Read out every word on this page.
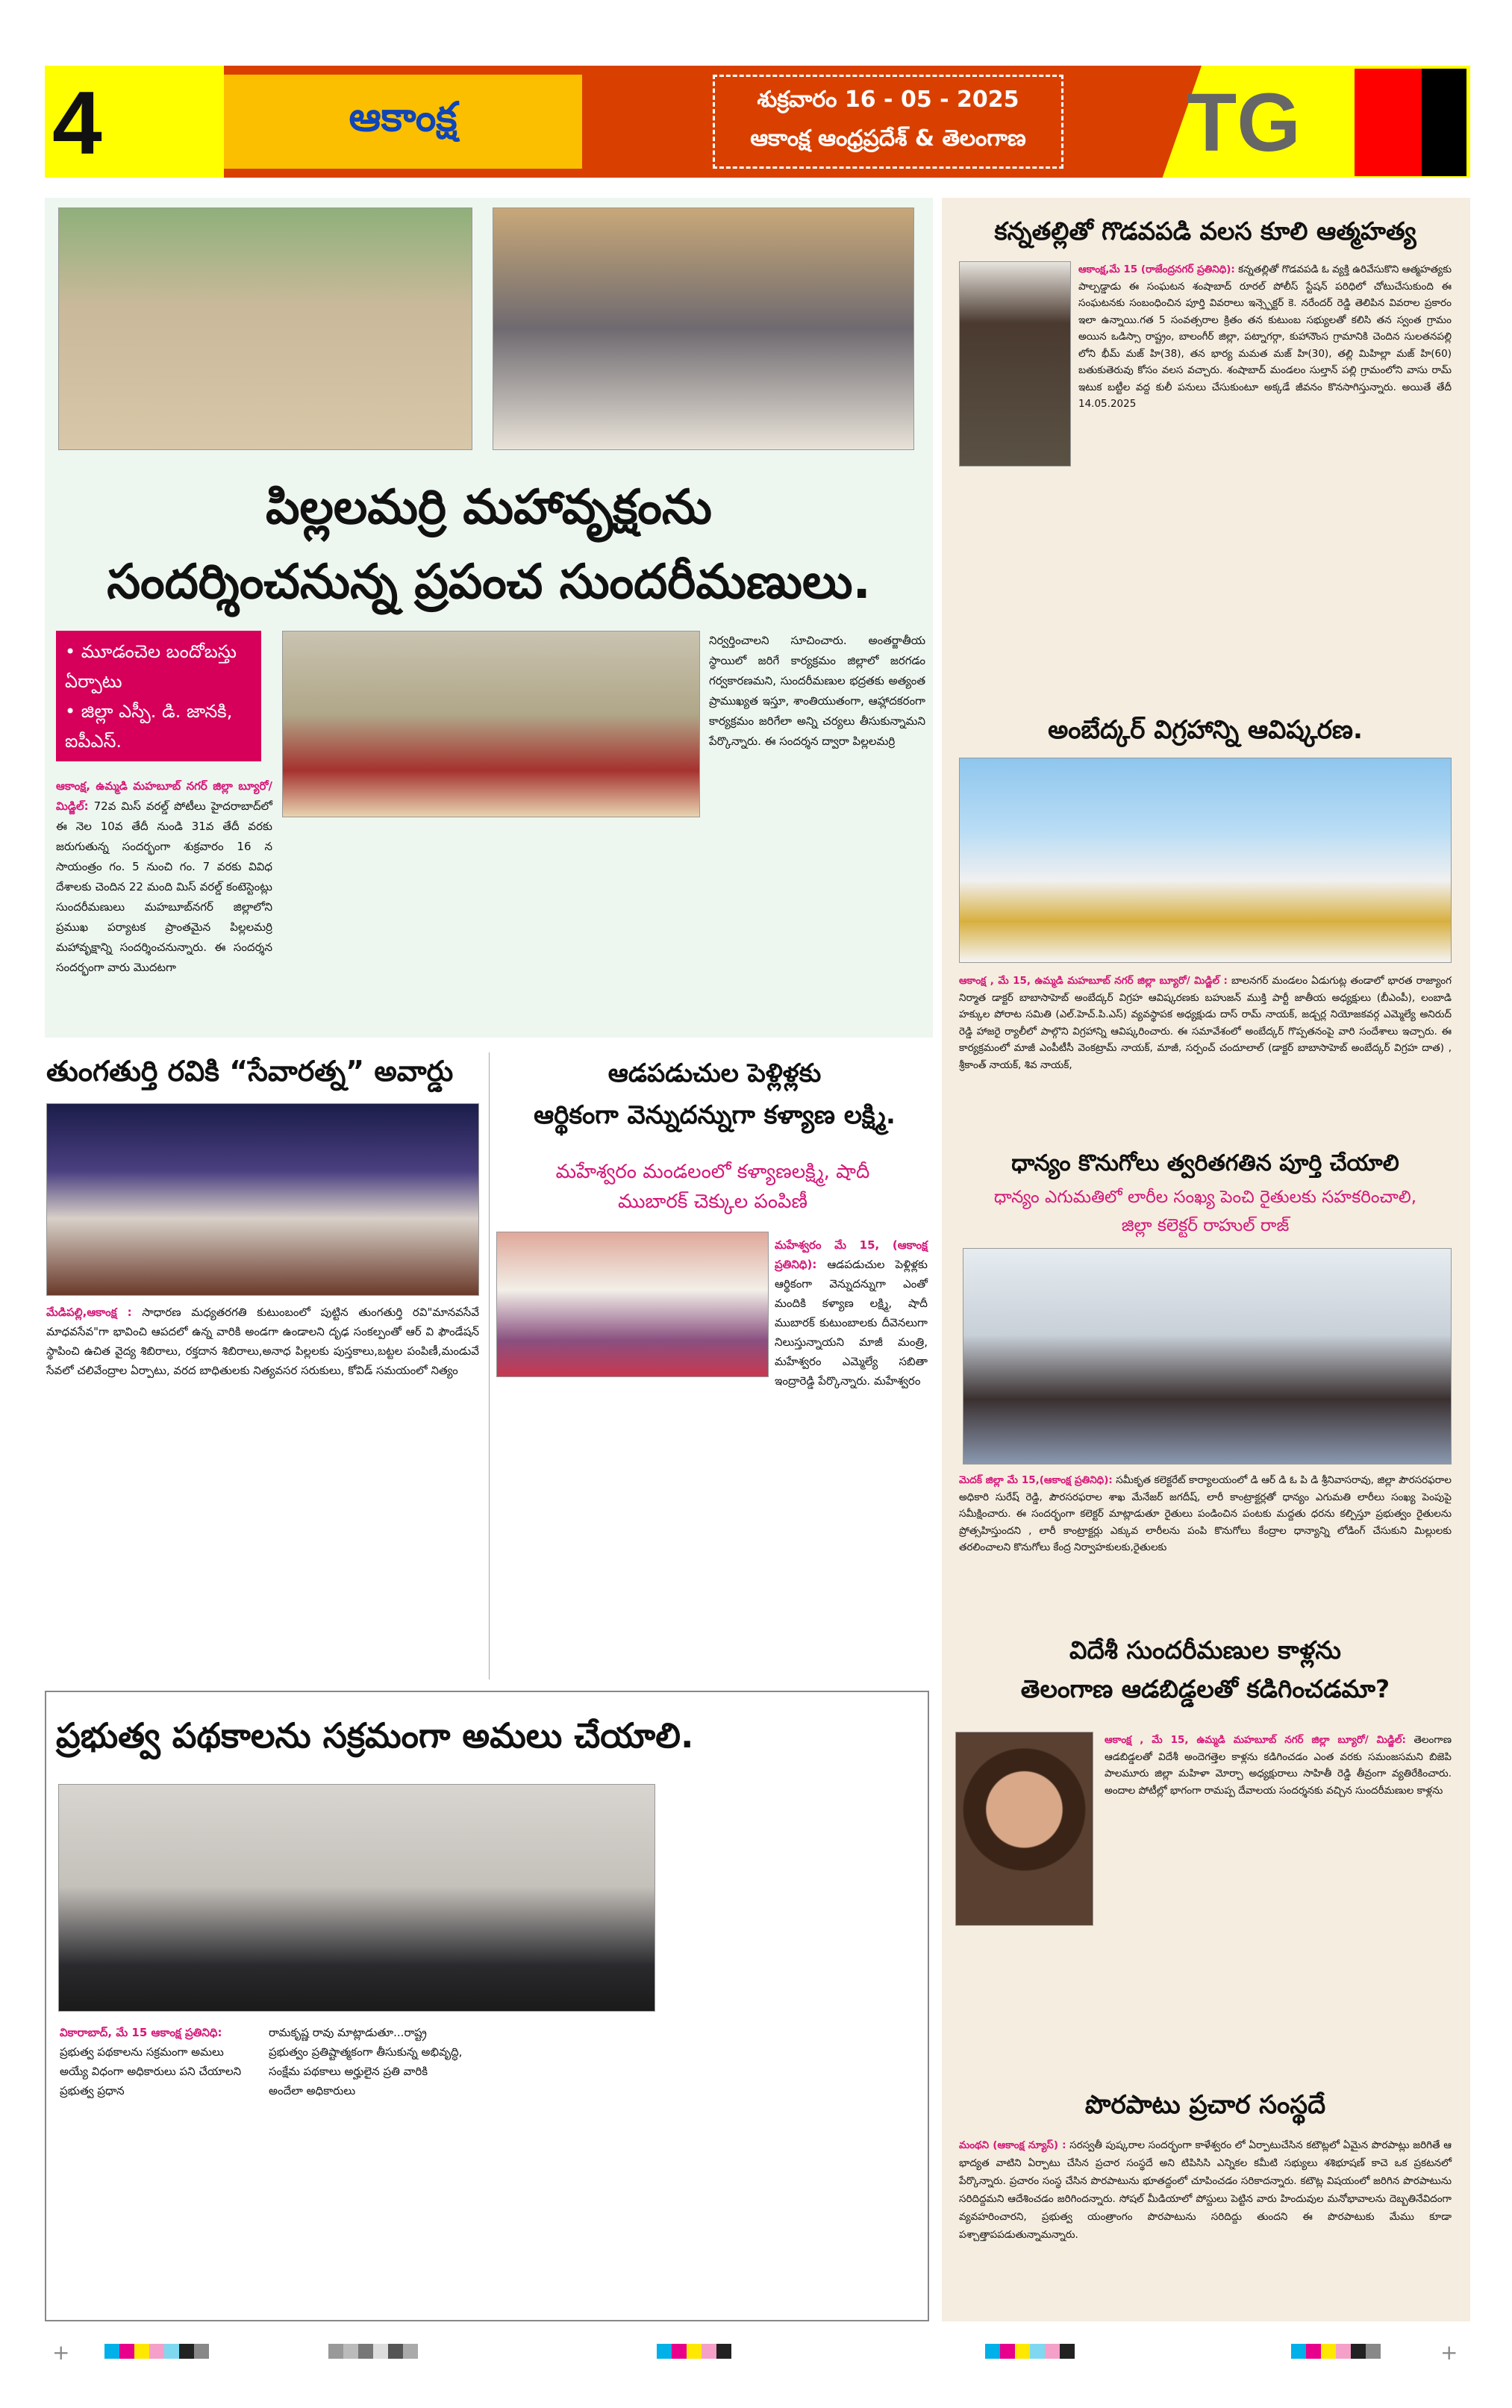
4	ఆకాంక్ష	శుక్రవారం 16 - 05 - 2025
ఆకాంక్ష ఆంధ్రప్రదేశ్ & తెలంగాణ TG
పిల్లలమర్రి మహావృక్షంను
సందర్శించనున్న ప్రపంచ సుందరీమణులు.
• మూడంచెల బందోబస్తు ఏర్పాటు
• జిల్లా ఎస్పీ. డి. జానకి, ఐపీఎస్.
ఆకాంక్ష, ఉమ్మడి మహబూబ్ నగర్ జిల్లా బ్యూరో/ మిడ్జిల్: 72వ మిస్ వరల్డ్ పోటీలు హైదరాబాద్‌లో ఈ నెల 10వ తేదీ నుండి 31వ తేదీ వరకు జరుగుతున్న సందర్భంగా శుక్రవారం 16 న సాయంత్రం గం. 5 నుంచి గం. 7 వరకు వివిధ దేశాలకు చెందిన 22 మంది మిస్ వరల్డ్ కంటెస్టెంట్లు సుందరీమణులు మహబూబ్‌నగర్ జిల్లాలోని ప్రముఖ పర్యాటక ప్రాంతమైన పిల్లలమర్రి మహావృక్షాన్ని సందర్శించనున్నారు. ఈ సందర్శన సందర్భంగా వారు మొదటగా
నిర్వర్తించాలని సూచించారు. అంతర్జాతీయ స్థాయిలో జరిగే కార్యక్రమం జిల్లాలో జరగడం గర్వకారణమని, సుందరీమణుల భద్రతకు అత్యంత ప్రాముఖ్యత ఇస్తూ, శాంతియుతంగా, ఆహ్లాదకరంగా కార్యక్రమం జరిగేలా అన్ని చర్యలు తీసుకున్నామని పేర్కొన్నారు. ఈ సందర్శన ద్వారా పిల్లలమర్రి
తుంగతుర్తి రవికి “సేవారత్న” అవార్డు
మేడిపల్లి,ఆకాంక్ష : సాధారణ మధ్యతరగతి కుటుంబంలో పుట్టిన తుంగతుర్తి రవి"మానవసేవే మాధవసేవ"గా భావించి ఆపదలో ఉన్న వారికి అండగా ఉండాలని దృఢ సంకల్పంతో ఆర్ వి ఫౌండేషన్ స్థాపించి ఉచిత వైద్య శిబిరాలు, రక్తదాన శిబిరాలు,అనాధ పిల్లలకు పుస్తకాలు,బట్టల పంపిణీ,మండువే సేవలో చలివేంద్రాల ఏర్పాటు, వరద బాధితులకు నిత్యవసర సరుకులు, కోవిడ్ సమయంలో నిత్యం
ఆడపడుచుల పెళ్లిళ్లకు
ఆర్థికంగా వెన్నుదన్నుగా కళ్యాణ లక్ష్మి.
మహేశ్వరం మండలంలో కళ్యాణలక్ష్మి, షాదీ ముబారక్ చెక్కుల పంపిణీ
మహేశ్వరం మే 15, (ఆకాంక్ష ప్రతినిధి): ఆడపడుచుల పెళ్లిళ్లకు ఆర్థికంగా వెన్నుదన్నుగా ఎంతో మందికి కళ్యాణ లక్ష్మి, షాదీ ముబారక్ కుటుంబాలకు దీవెనలుగా నిలుస్తున్నాయని మాజీ మంత్రి, మహేశ్వరం ఎమ్మెల్యే సబితా ఇంద్రారెడ్డి పేర్కొన్నారు. మహేశ్వరం
ప్రభుత్వ పథకాలను సక్రమంగా అమలు చేయాలి.
వికారాబాద్, మే 15 ఆకాంక్ష ప్రతినిధి: ప్రభుత్వ పథకాలను సక్రమంగా అమలు అయ్యే విధంగా అధికారులు పని చేయాలని ప్రభుత్వ ప్రధాన
రామకృష్ణ రావు మాట్లాడుతూ...రాష్ట్ర ప్రభుత్వం ప్రతిష్టాత్మకంగా తీసుకున్న అభివృద్ధి, సంక్షేమ పథకాలు అర్హులైన ప్రతి వారికి అందేలా అధికారులు
కన్నతల్లితో గొడవపడి వలస కూలి ఆత్మహత్య
ఆకాంక్ష,మే 15 (రాజేంద్రనగర్ ప్రతినిధి): కన్నతల్లితో గొడవపడి ఓ వ్యక్తి ఉరివేసుకొని ఆత్మహత్యకు పాల్పడ్డాడు ఈ సంఘటన శంషాబాద్ రూరల్ పోలీస్ స్టేషన్ పరిధిలో చోటుచేసుకుంది ఈ సంఘటనకు సంబంధించిన పూర్తి వివరాలు ఇన్స్పెక్టర్ కె. నరేందర్ రెడ్డి తెలిపిన వివరాల ప్రకారం ఇలా ఉన్నాయి.గత 5 సంవత్సరాల క్రితం తన కుటుంబ సభ్యులతో కలిసి తన స్వంత గ్రామం అయిన ఒడిస్సా రాష్ట్రం, బాలంగీర్ జిల్లా, పట్నాగర్గా, కుహానౌంస గ్రామానికి చెందిన సులతనపల్లి లోని భీమ్ మజ్ హి(38), తన భార్య మమత మజ్ హి(30), తల్లి మిహిల్లా మజ్ హి(60) బతుకుతెరువు కోసం వలస వచ్చారు. శంషాబాద్ మండలం సుల్తాన్ పల్లి గ్రామంలోని వాసు రామ్ ఇటుక బట్టీల వద్ద కులీ పనులు చేసుకుంటూ అక్కడే జీవనం కొనసాగిస్తున్నారు. అయితే తేదీ 14.05.2025
అంబేద్కర్ విగ్రహాన్ని ఆవిష్కరణ.
ఆకాంక్ష , మే 15, ఉమ్మడి మహబూబ్ నగర్ జిల్లా బ్యూరో/ మిడ్జిల్ : బాలనగర్ మండలం ఏడుగుట్ల తండాలో భారత రాజ్యాంగ నిర్మాత డాక్టర్ బాబాసాహెబ్ అంబేద్కర్ విగ్రహ ఆవిష్కరణకు బహుజన్ ముక్తి పార్టీ జాతీయ అధ్యక్షులు (బీఎంపీ), లంబాడి హక్కుల పోరాట సమితి (ఎల్.హెచ్.పి.ఎస్) వ్యవస్థాపక అధ్యక్షుడు దాస్ రామ్ నాయక్, జడ్చర్ల నియోజకవర్గ ఎమ్మెల్యే అనిరుద్ రెడ్డి హాజరై ర్యాలీలో పాల్గొని విగ్రహాన్ని ఆవిష్కరించారు. ఈ సమావేశంలో అంబేద్కర్ గొప్పతనంపై వారి సందేశాలు ఇచ్చారు. ఈ కార్యక్రమంలో మాజీ ఎంపీటీసీ వెంకట్రామ్ నాయక్, మాజీ, సర్పంచ్ చందూలాల్ (డాక్టర్ బాబాసాహెబ్ అంబేద్కర్ విగ్రహ దాత) , శ్రీకాంత్ నాయక్, శివ నాయక్,
ధాన్యం కొనుగోలు త్వరితగతిన పూర్తి చేయాలి
ధాన్యం ఎగుమతిలో లారీల సంఖ్య పెంచి రైతులకు సహకరించాలి, జిల్లా కలెక్టర్ రాహుల్ రాజ్
మెదక్ జిల్లా మే 15,(ఆకాంక్ష ప్రతినిధి): సమీకృత కలెక్టరేట్ కార్యాలయంలో డి ఆర్ డి ఓ పి డి శ్రీనివాసరావు, జిల్లా పౌరసరఫరాల అధికారి సురేష్ రెడ్డి, పౌరసరఫరాల శాఖ మేనేజర్ జగదీష్, లారీ కాంట్రాక్టర్లతో ధాన్యం ఎగుమతి లారీలు సంఖ్య పెంపుపై సమీక్షించారు. ఈ సందర్భంగా కలెక్టర్ మాట్లాడుతూ రైతులు పండించిన పంటకు మద్దతు ధరను కల్పిస్తూ ప్రభుత్వం రైతులను ప్రోత్సహిస్తుందని , లారీ కాంట్రాక్టర్లు ఎక్కువ లారీలను పంపి కొనుగోలు కేంద్రాల ధాన్యాన్ని లోడింగ్ చేసుకుని మిల్లులకు తరలించాలని కొనుగోలు కేంద్ర నిర్వాహకులకు,రైతులకు
విదేశీ సుందరీమణుల కాళ్లను
తెలంగాణ ఆడబిడ్డలతో కడిగించడమా?
ఆకాంక్ష , మే 15, ఉమ్మడి మహబూబ్ నగర్ జిల్లా బ్యూరో/ మిడ్జిల్: తెలంగాణ ఆడబిడ్డలతో విదేశీ అందెగత్తెల కాళ్లను కడిగించడం ఎంత వరకు సమంజసమని బిజెపి పాలమూరు జిల్లా మహిళా మోర్చా అధ్యక్షురాలు సాహితీ రెడ్డి తీవ్రంగా వ్యతిరేకించారు. అందాల పోటీల్లో భాగంగా రామప్ప దేవాలయ సందర్శనకు వచ్చిన సుందరీమణుల కాళ్లను
పొరపాటు ప్రచార సంస్థదే
మంథని (ఆకాంక్ష న్యూస్) : సరస్వతీ పుష్కరాల సందర్భంగా కాళేశ్వరం లో ఏర్పాటుచేసిన కటౌట్లలో ఏమైన పొరపాట్లు జరిగితే ఆ భాద్యత వాటిని ఏర్పాటు చేసిన ప్రచార సంస్థదే అని టిపిసిసి ఎన్నికల కమీటి సభ్యులు శశిభూషణ్ కాచె ఒక ప్రకటనలో పేర్కొన్నారు. ప్రచారం సంస్థ చేసిన పొరపాటును భూతద్దంలో చూపించడం సరికాదన్నారు. కటౌట్ల విషయంలో జరిగిన పొరపాటును సరిదిద్దమని ఆదేశించడం జరిగిందన్నారు. సోషల్ మీడియాలో పోస్టులు పెట్టిన వారు హిందువుల మనోభావాలను దెబ్బతినేవిదంగా వ్యవహరించారని, ప్రభుత్వ యంత్రాంగం పొరపాటును సరిదిద్దు తుందని ఈ పొరపాటుకు మేము కూడా పశ్చాత్తాపపడుతున్నామన్నారు.
+	+
